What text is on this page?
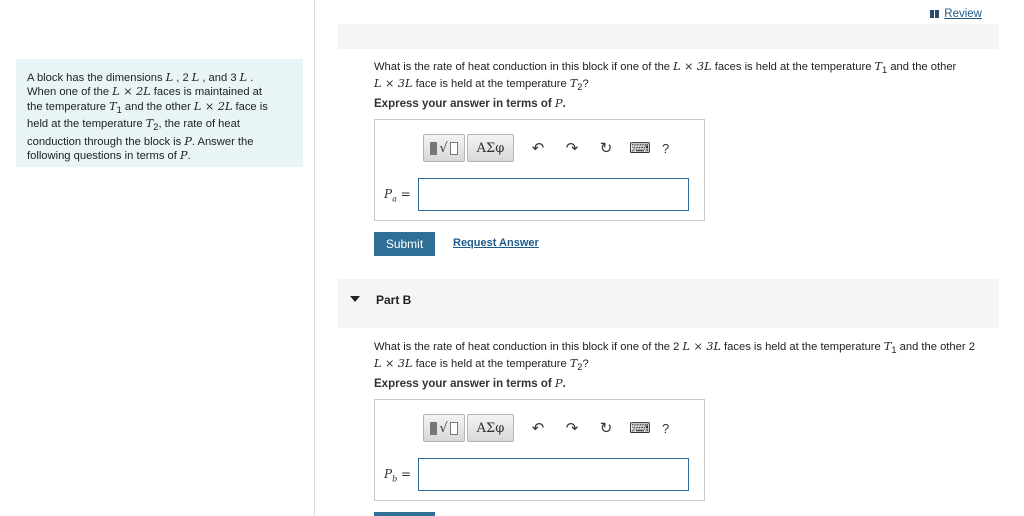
A block has the dimensions L , 2 L , and 3 L .
When one of the L × 2L faces is maintained at
the temperature $T_1$ and the other L × 2L face is
held at the temperature $T_2$, the rate of heat
conduction through the block is P. Answer the
following questions in terms of P.
Review
What is the rate of heat conduction in this block if one of the L × 3L faces is held at the temperature $T_1$ and the other
L × 3L face is held at the temperature $T_2$?
Express your answer in terms of P.
√	ΑΣφ	↶ ↷ ↻ ⌨ ?
$P_a$ =
Submit	Request Answer
Part B
What is the rate of heat conduction in this block if one of the 2 L × 3L faces is held at the temperature $T_1$ and the other 2
L × 3L face is held at the temperature $T_2$?
Express your answer in terms of P.
√	ΑΣφ	↶ ↷ ↻ ⌨ ?
$P_b$ =
